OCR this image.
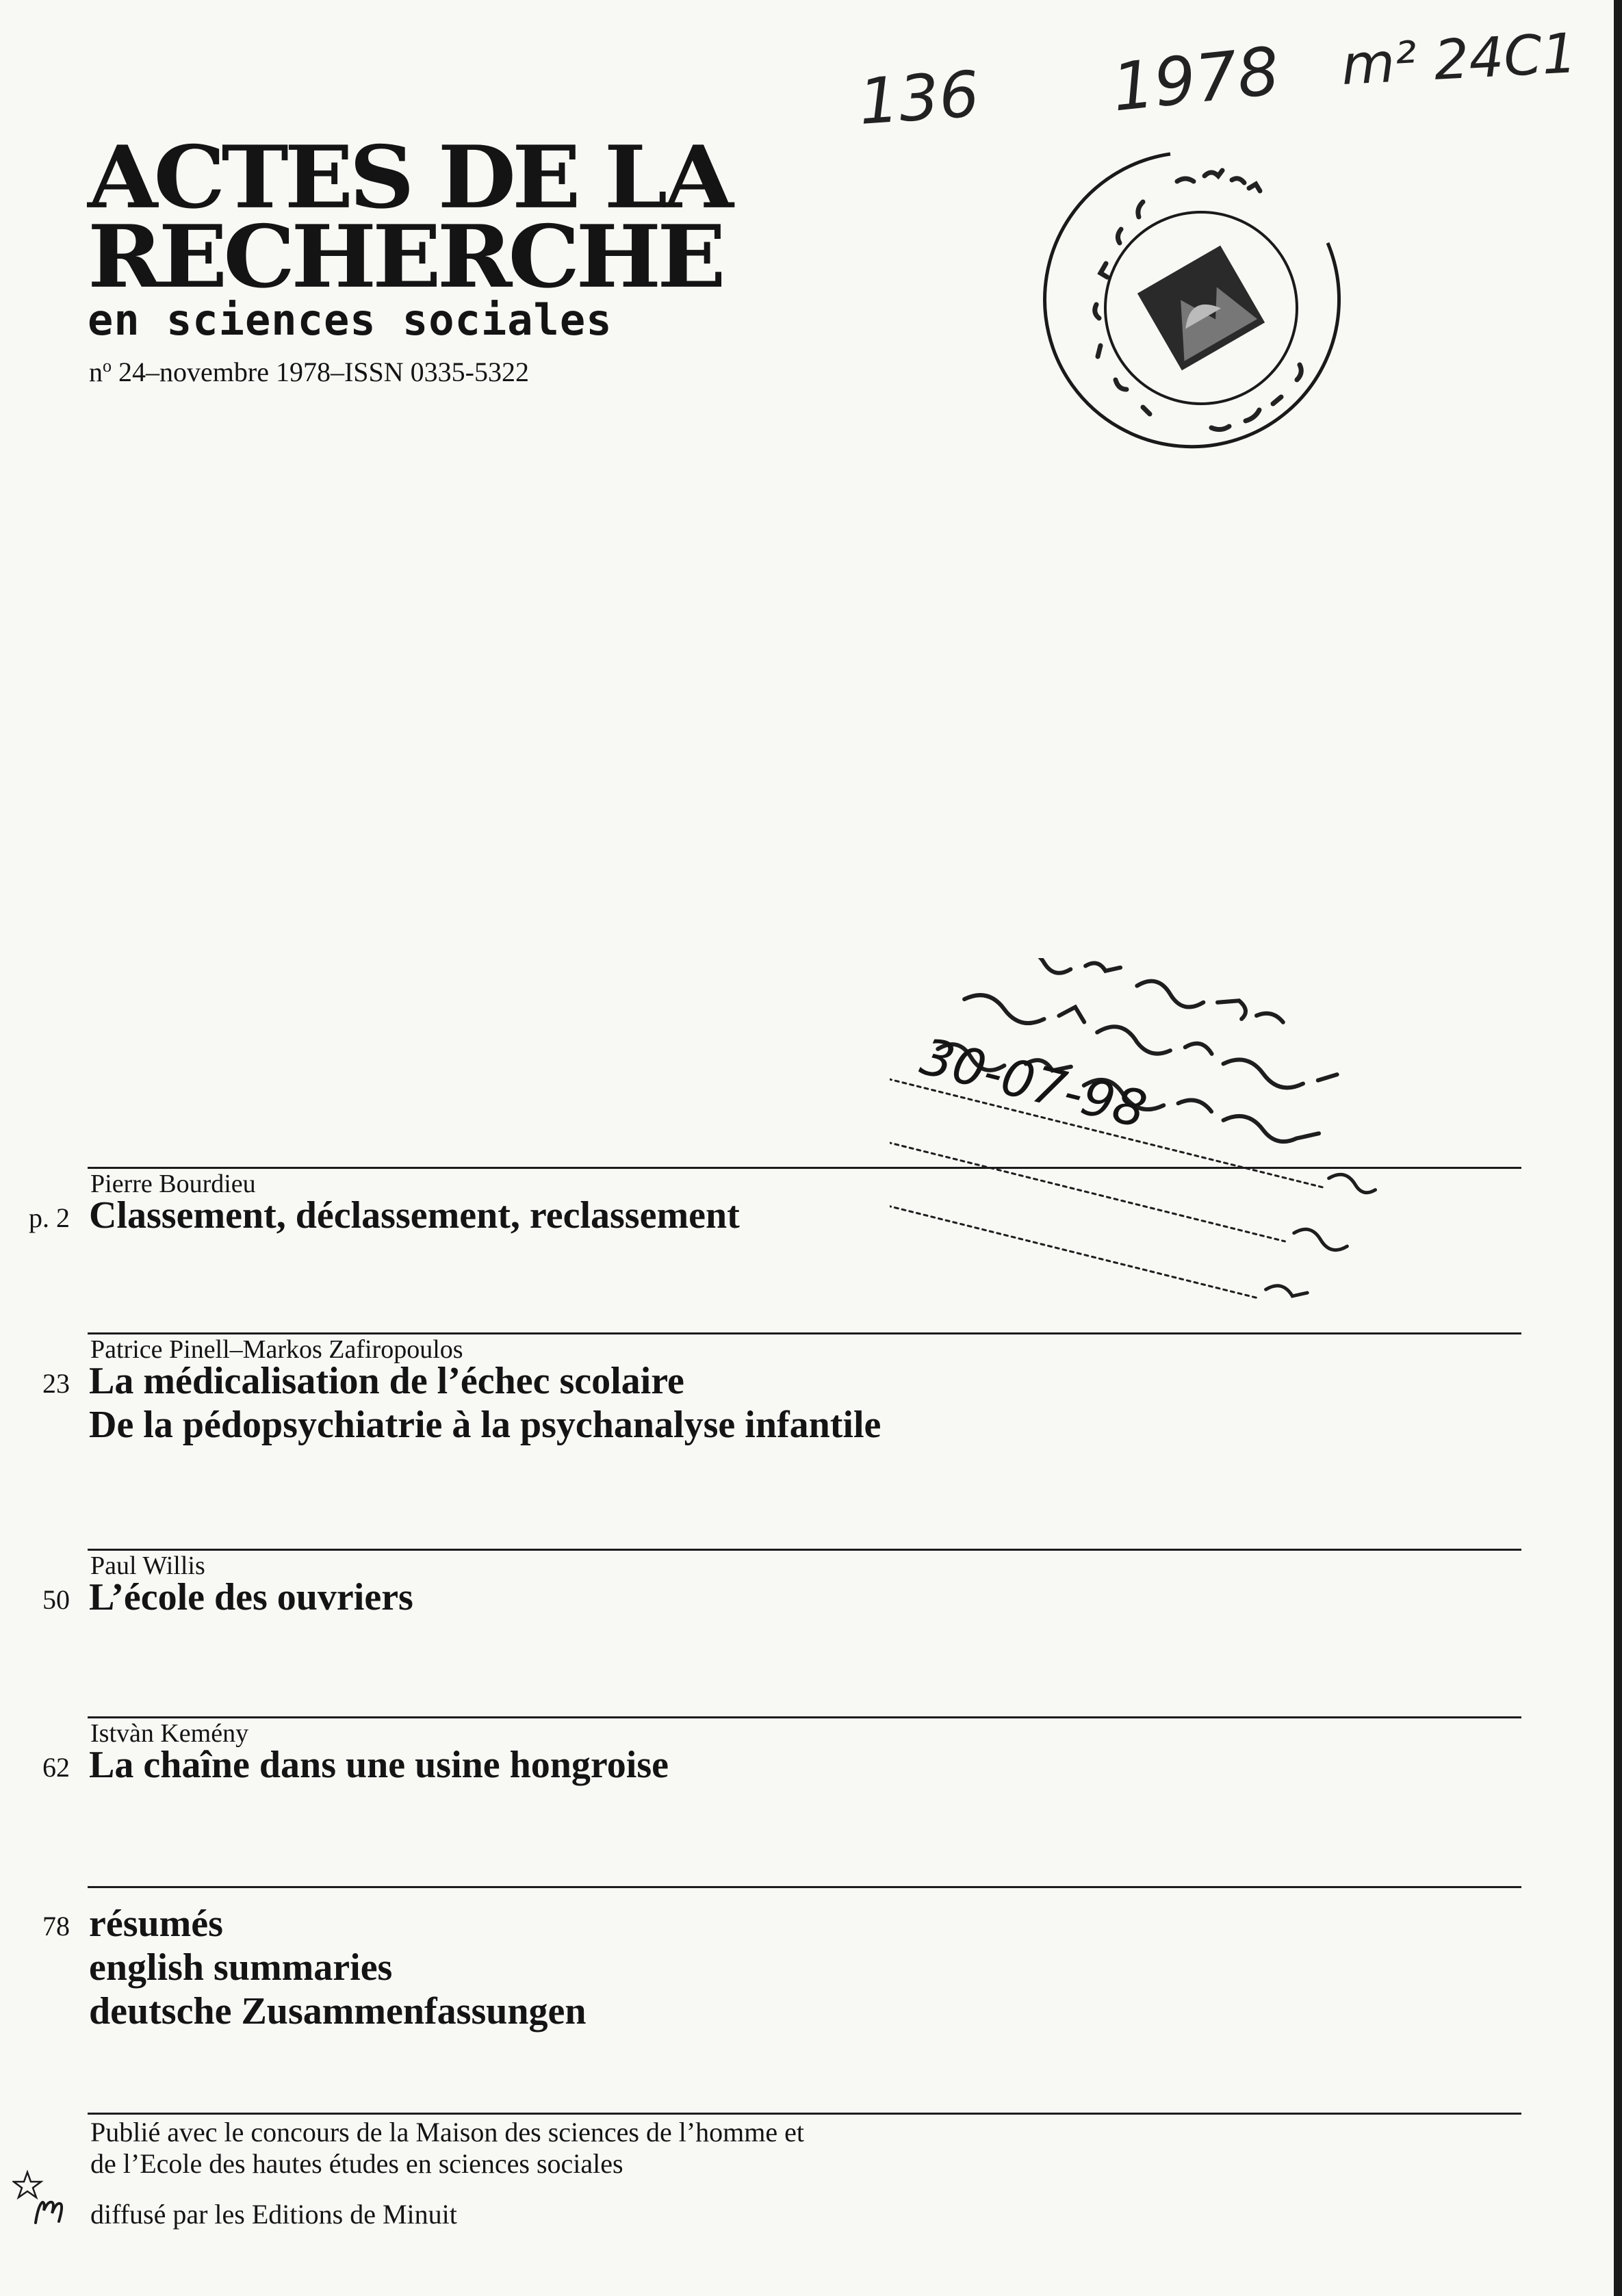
ACTES DE LA
RECHERCHE
en sciences sociales
$n^o$ 24–novembre 1978–ISSN 0335-5322
136 1978 m² 24C1
30-07-98
Pierre Bourdieu
p. 2 Classement, déclassement, reclassement
Patrice Pinell–Markos Zafiropoulos
23 La médicalisation de l’échec scolaire
De la pédopsychiatrie à la psychanalyse infantile
Paul Willis
50 L’école des ouvriers
Istvàn Kemény
62 La chaîne dans une usine hongroise
78 résumés
english summaries
deutsche Zusammenfassungen
Publié avec le concours de la Maison des sciences de l’homme et
de l’Ecole des hautes études en sciences sociales
diffusé par les Editions de Minuit
